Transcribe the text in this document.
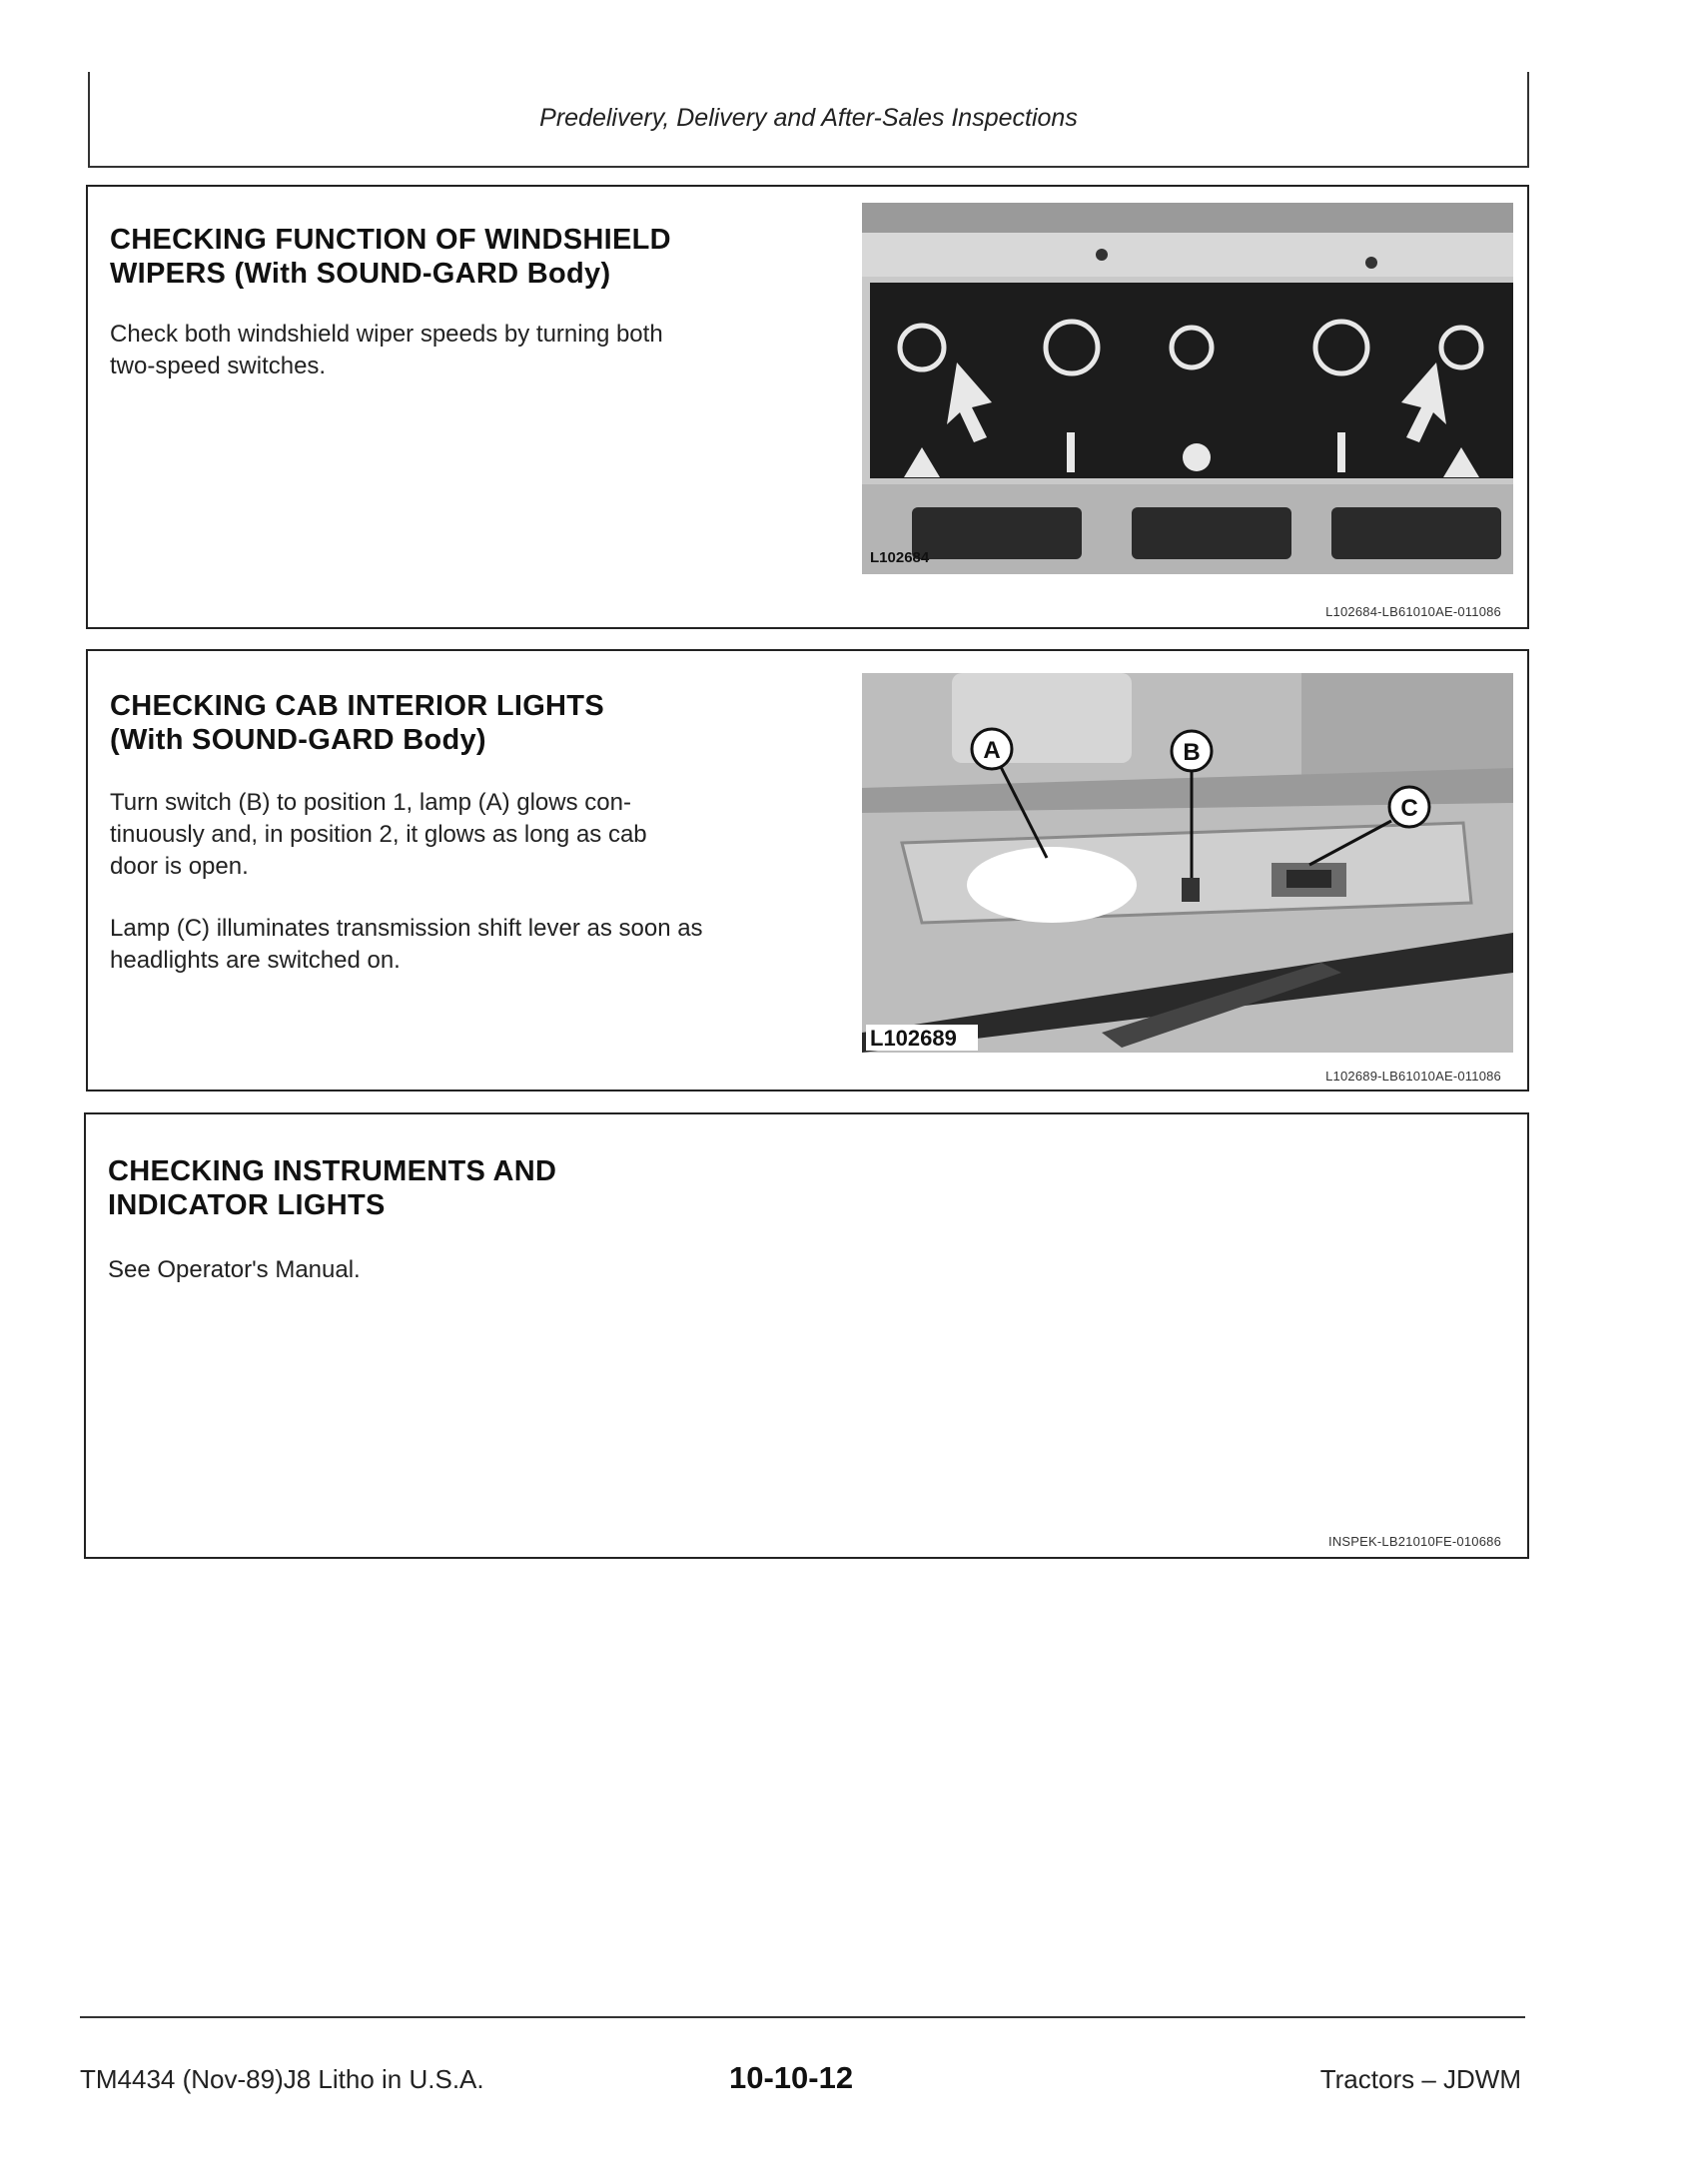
Predelivery, Delivery and After-Sales Inspections
CHECKING FUNCTION OF WINDSHIELD
WIPERS (With SOUND-GARD Body)

Check both windshield wiper speeds by turning both
two-speed switches.

L102684
L102684-LB61010AE-011086
CHECKING CAB INTERIOR LIGHTS
(With SOUND-GARD Body)

Turn switch (B) to position 1, lamp (A) glows con-
tinuously and, in position 2, it glows as long as cab
door is open.

Lamp (C) illuminates transmission shift lever as soon as
headlights are switched on.

A	B
C
L102689
L102689-LB61010AE-011086
CHECKING INSTRUMENTS AND
INDICATOR LIGHTS

See Operator's Manual.

INSPEK-LB21010FE-010686
TM4434 (Nov-89)J8 Litho in U.S.A.	10-10-12	Tractors – JDWM
